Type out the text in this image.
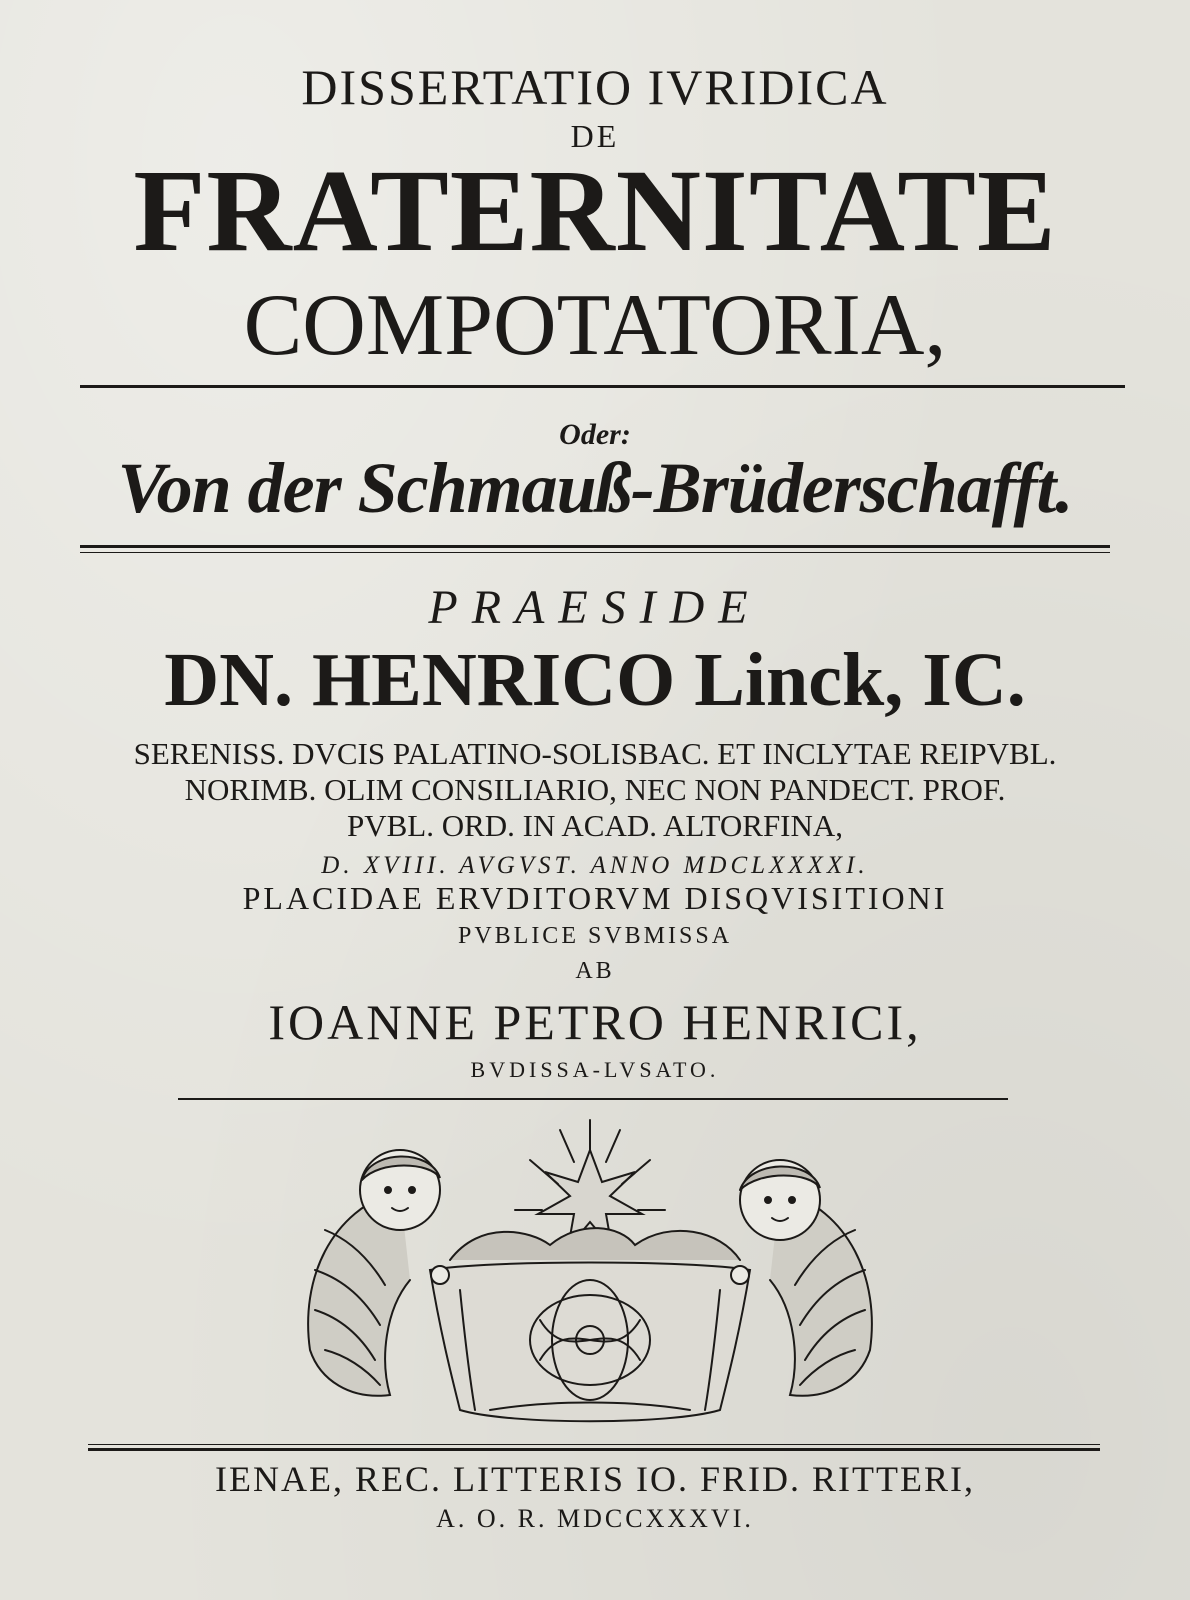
DISSERTATIO IVRIDICA

DE

FRATERNITATE

COMPOTATORIA,

Oder:

Von der Schmauß-Brüderschafft.

PRAESIDE

DN. HENRICO Linck, IC.

SERENISS. DVCIS PALATINO-SOLISBAC. ET INCLYTAE REIPVBL.

NORIMB. OLIM CONSILIARIO, NEC NON PANDECT. PROF.

PVBL. ORD. IN ACAD. ALTORFINA,

D. XVIII. AVGVST. ANNO MDCLXXXXI.

PLACIDAE ERVDITORVM DISQVISITIONI

PVBLICE SVBMISSA

AB

IOANNE PETRO HENRICI,

BVDISSA-LVSATO.

IENAE, REC. LITTERIS IO. FRID. RITTERI,

A. O. R. MDCCXXXVI.
